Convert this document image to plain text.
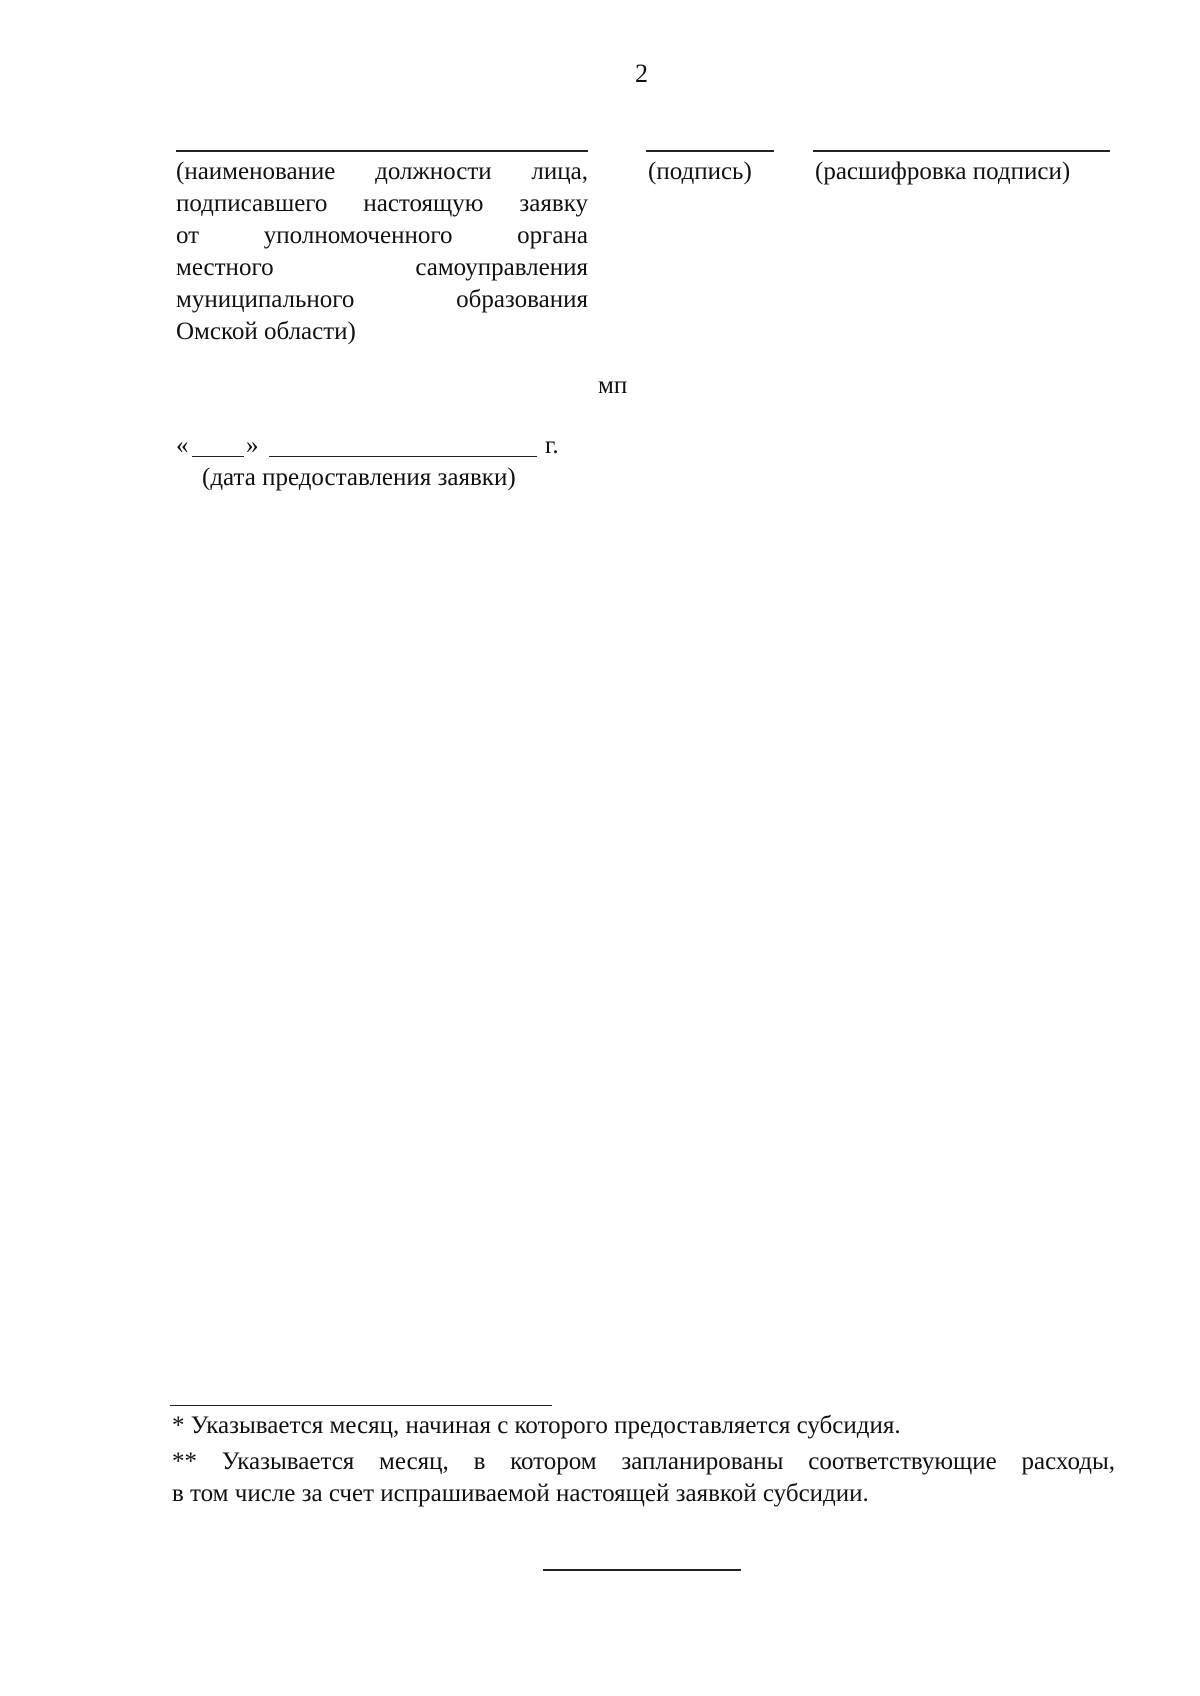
2
(наименование должности лица,
подписавшего настоящую заявку
от уполномоченного органа
местного самоуправления
муниципального образования
Омской области)
(подпись)	(расшифровка подписи)
мп
« »	г.
(дата предоставления заявки)
* Указывается месяц, начиная с которого предоставляется субсидия.
** Указывается месяц, в котором запланированы соответствующие расходы,
в том числе за счет испрашиваемой настоящей заявкой субсидии.
